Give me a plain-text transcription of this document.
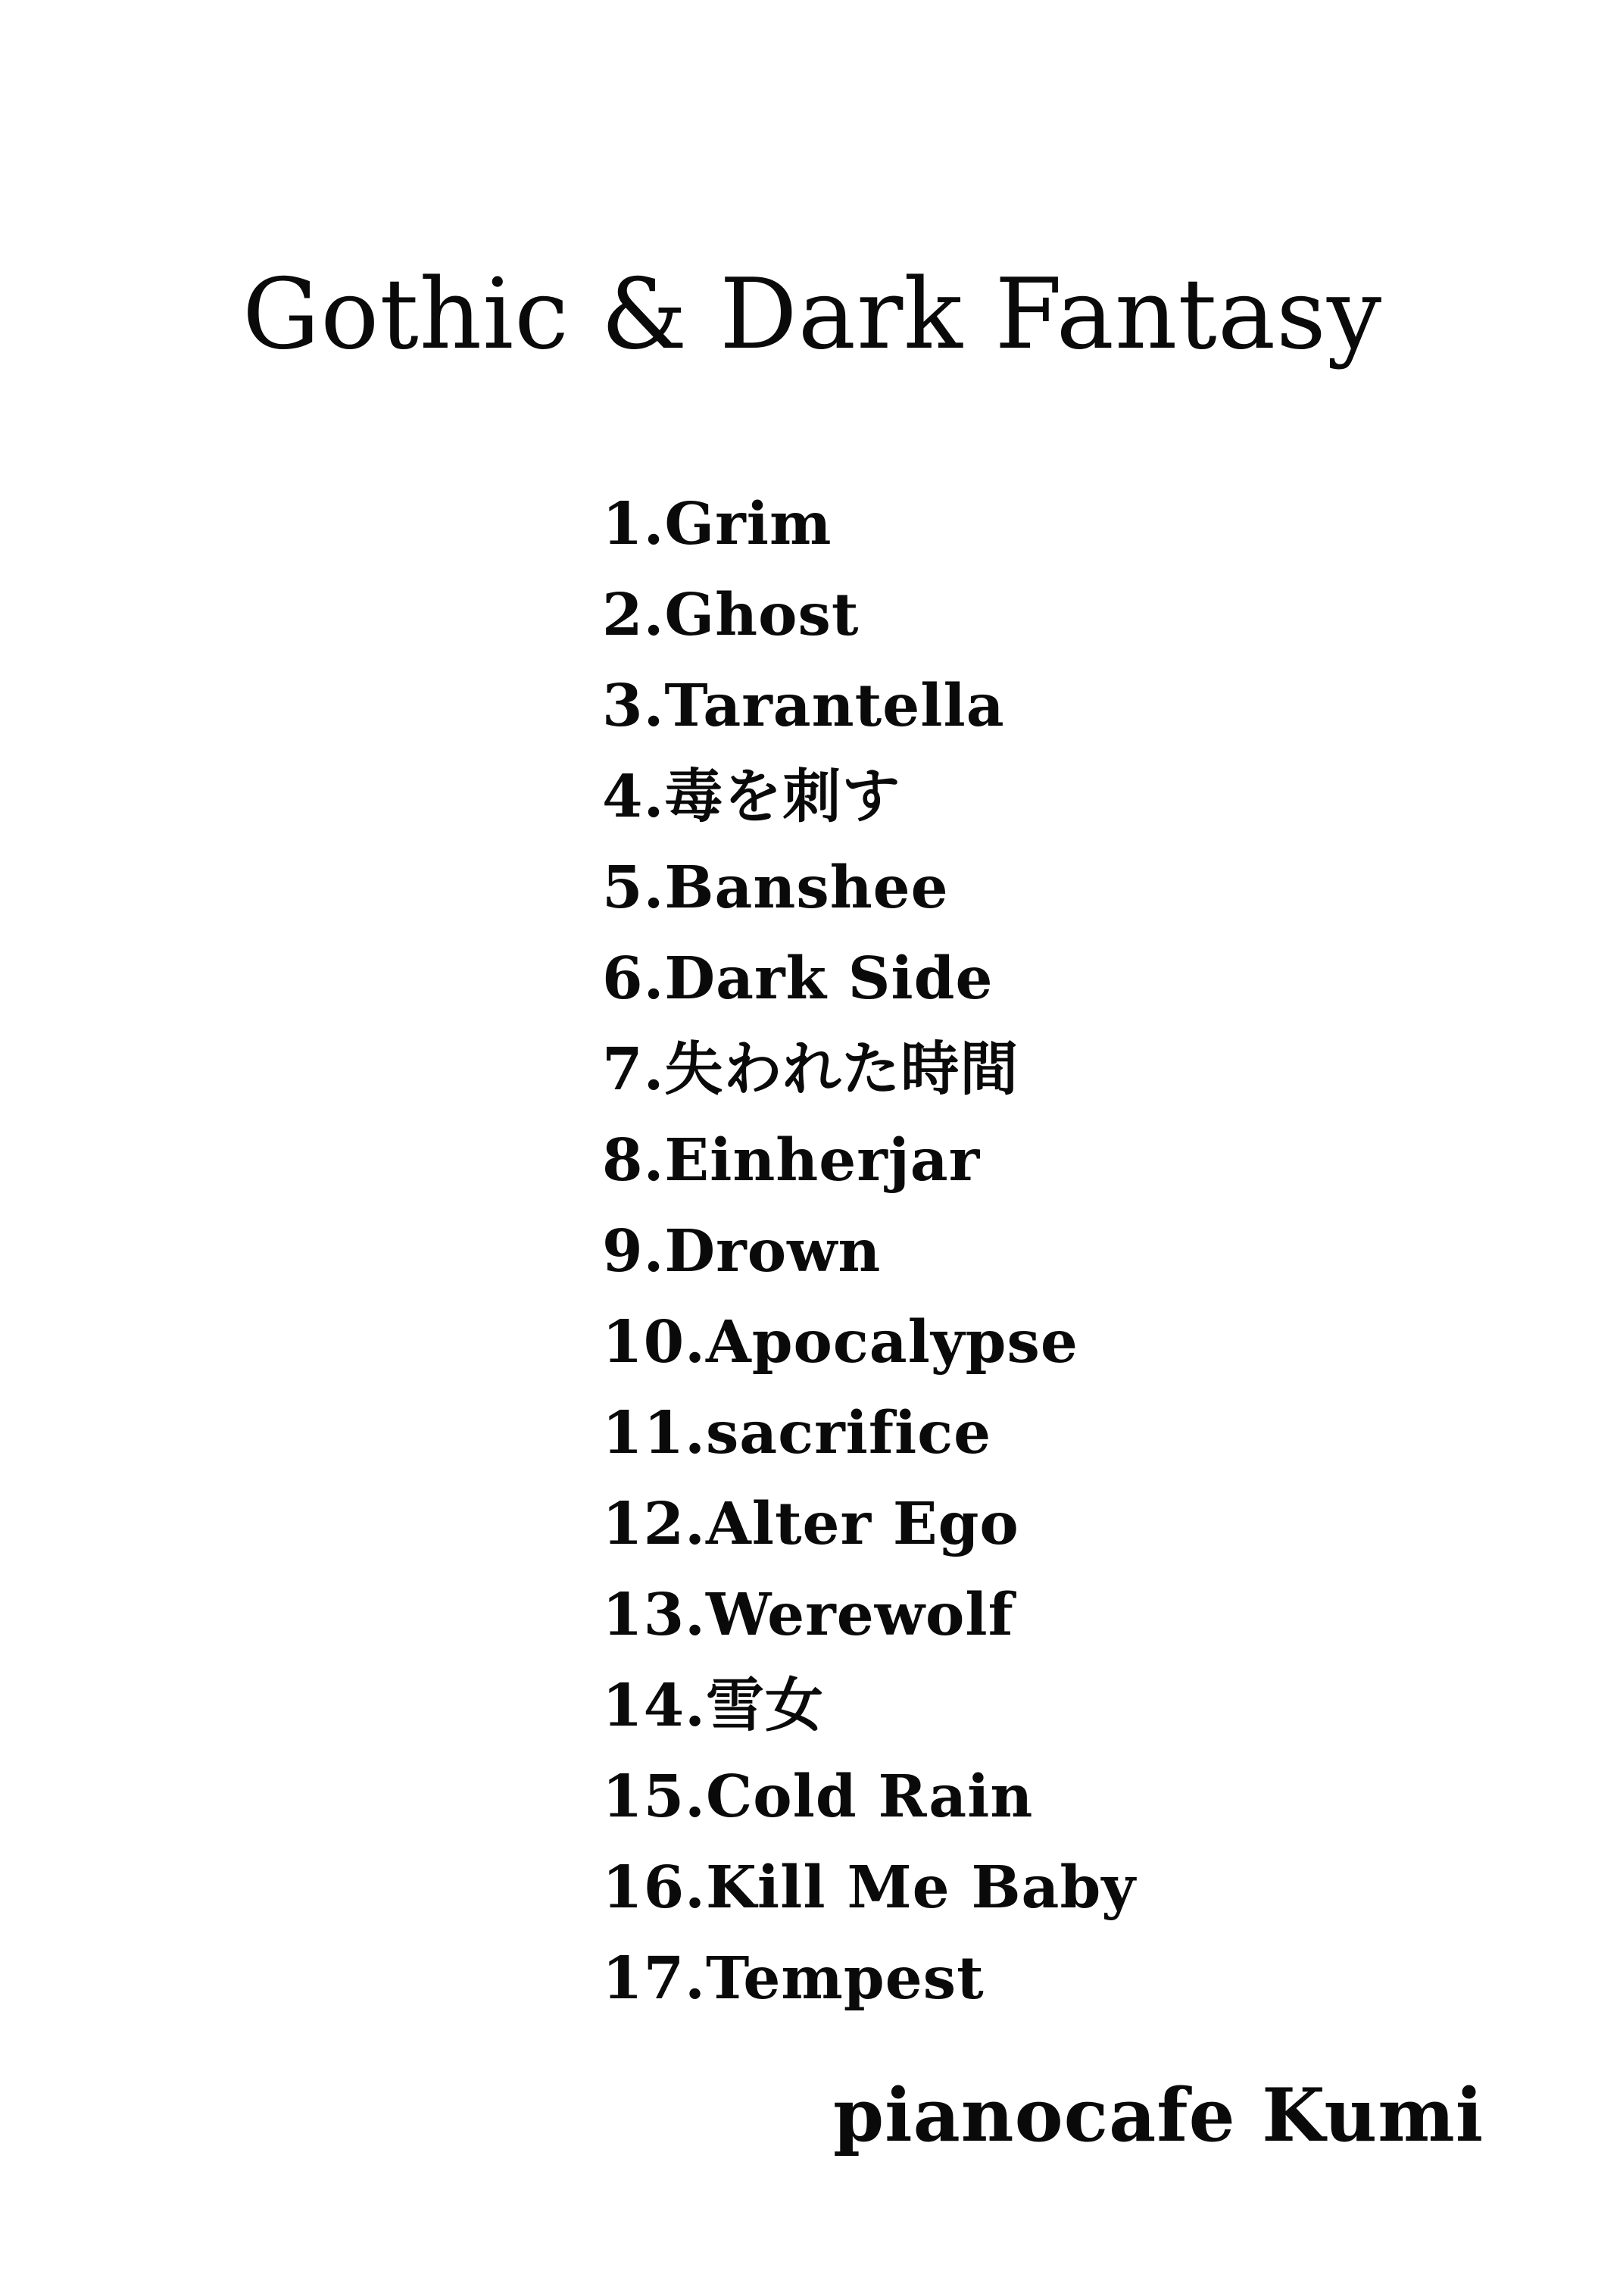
Gothic & Dark Fantasy
1.Grim
2.Ghost
3.Tarantella
4.毒を刺す
5.Banshee
6.Dark Side
7.失われた時間
8.Einherjar
9.Drown
10.Apocalypse
11.sacrifice
12.Alter Ego
13.Werewolf
14.雪女
15.Cold Rain
16.Kill Me Baby
17.Tempest

pianocafe Kumi
